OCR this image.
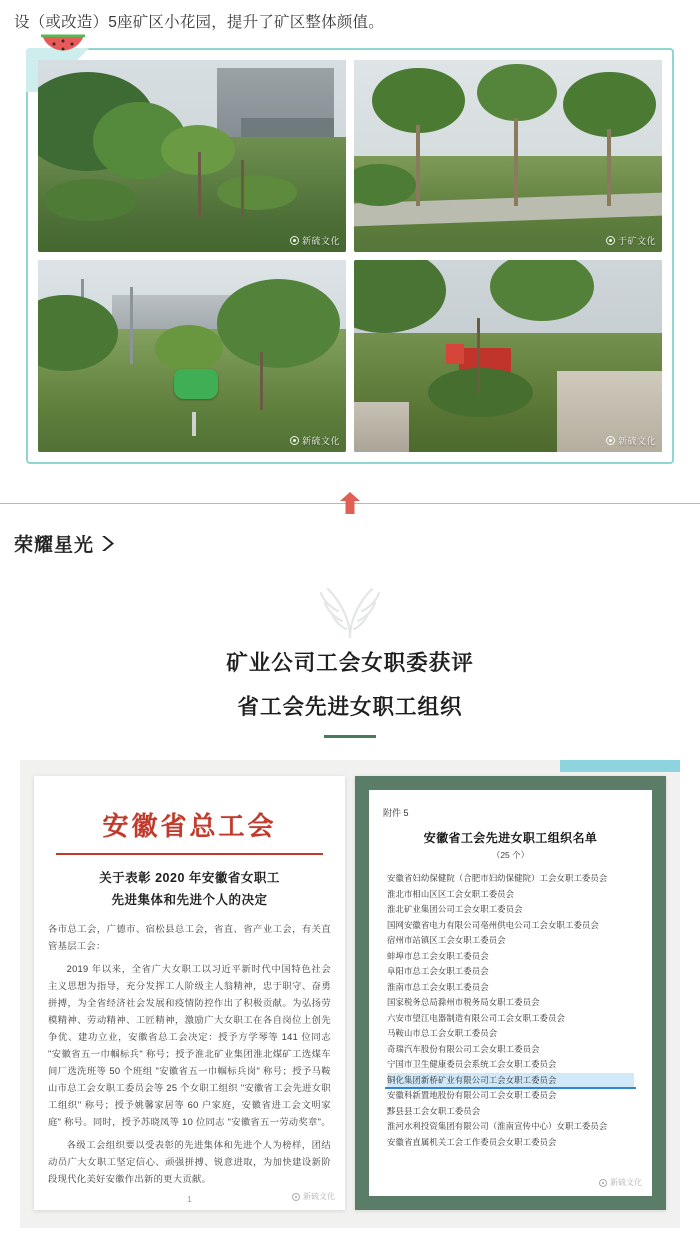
设（或改造）5座矿区小花园，提升了矿区整体颜值。
新硫文化	于矿文化
新硫文化	新硫文化
荣耀星光
矿业公司工会女职委获评
省工会先进女职工组织
安徽省总工会
关于表彰 2020 年安徽省女职工
先进集体和先进个人的决定

各市总工会，广德市、宿松县总工会，省直、省产业工会，有关直管基层工会：

2019 年以来，全省广大女职工以习近平新时代中国特色社会主义思想为指导，充分发挥工人阶级主人翁精神，忠于职守、奋勇拼搏，为全省经济社会发展和疫情防控作出了积极贡献。为弘扬劳模精神、劳动精神、工匠精神，激励广大女职工在各自岗位上创先争优、建功立业，安徽省总工会决定：授予方学琴等 141 位同志 "安徽省五一巾帼标兵" 称号；授予淮北矿业集团淮北煤矿工选煤车间厂选洗班等 50 个班组 "安徽省五一巾帼标兵岗" 称号；授予马鞍山市总工会女职工委员会等 25 个女职工组织 "安徽省工会先进女职工组织" 称号；授予姚馨家居等 60 户家庭，安徽省进工会文明家庭" 称号。同时，授予苏晓凤等 10 位同志 "安徽省五一劳动奖章"。

各级工会组织要以受表彰的先进集体和先进个人为榜样，团结动员广大女职工坚定信心、顽强拼搏、锐意进取，为加快建设新阶段现代化美好安徽作出新的更大贡献。

1	新硫文化
附件 5
安徽省工会先进女职工组织名单
（25 个）
安徽省妇幼保健院（合肥市妇幼保健院）工会女职工委员会
淮北市相山区区工会女职工委员会
淮北矿业集团公司工会女职工委员会
国网安徽省电力有限公司亳州供电公司工会女职工委员会
宿州市站镇区工会女职工委员会
蚌埠市总工会女职工委员会
阜阳市总工会女职工委员会
淮南市总工会女职工委员会
国家税务总局滁州市税务局女职工委员会
六安市望江电器制造有限公司工会女职工委员会
马鞍山市总工会女职工委员会
奇瑞汽车股份有限公司工会女职工委员会
宁国市卫生健康委员会系统工会女职工委员会
铜化集团新桥矿业有限公司工会女职工委员会
安徽科新置地股份有限公司工会女职工委员会
黟县县工会女职工委员会
淮河水利投资集团有限公司（淮南宣传中心）女职工委员会
安徽省直属机关工会工作委员会女职工委员会
新硫文化
